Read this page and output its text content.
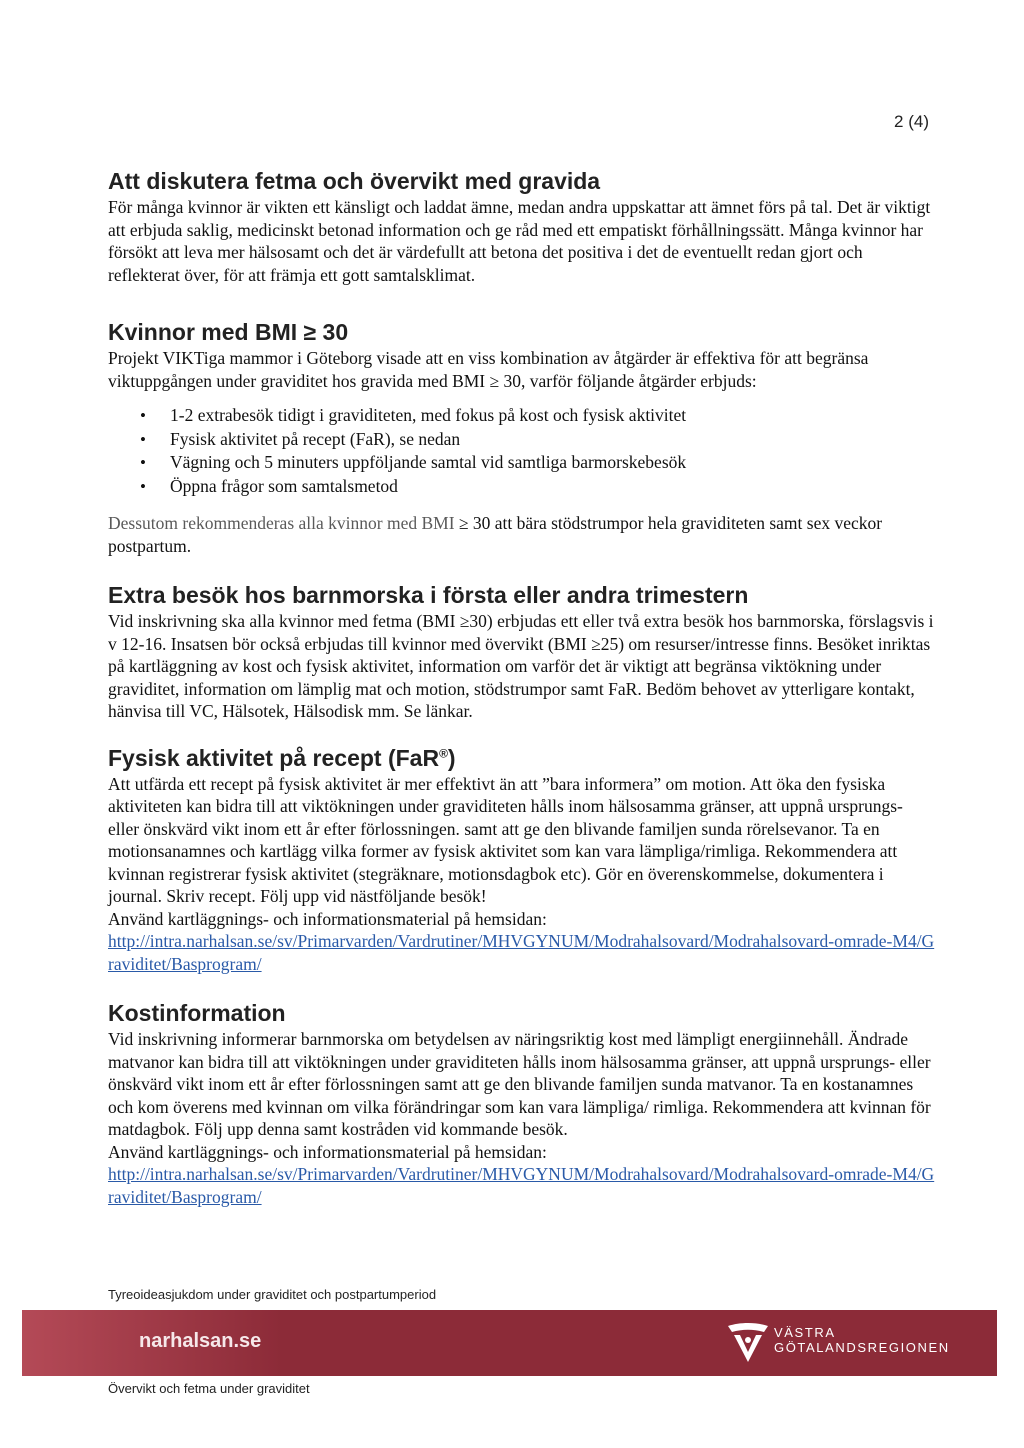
2 (4)
Att diskutera fetma och övervikt med gravida

För många kvinnor är vikten ett känsligt och laddat ämne, medan andra uppskattar att ämnet förs på tal. Det är viktigt att erbjuda saklig, medicinskt betonad information och ge råd med ett empatiskt förhållningssätt. Många kvinnor har försökt att leva mer hälsosamt och det är värdefullt att betona det positiva i det de eventuellt redan gjort och reflekterat över, för att främja ett gott samtalsklimat.

Kvinnor med BMI ≥ 30

Projekt VIKTiga mammor i Göteborg visade att en viss kombination av åtgärder är effektiva för att begränsa viktuppgången under graviditet hos gravida med BMI ≥ 30, varför följande åtgärder erbjuds:

• 1-2 extrabesök tidigt i graviditeten, med fokus på kost och fysisk aktivitet
• Fysisk aktivitet på recept (FaR), se nedan
• Vägning och 5 minuters uppföljande samtal vid samtliga barmorskebesök
• Öppna frågor som samtalsmetod

Dessutom rekommenderas alla kvinnor med BMI ≥ 30 att bära stödstrumpor hela graviditeten samt sex veckor postpartum.

Extra besök hos barnmorska i första eller andra trimestern

Vid inskrivning ska alla kvinnor med fetma (BMI ≥30) erbjudas ett eller två extra besök hos barnmorska, förslagsvis i v 12-16. Insatsen bör också erbjudas till kvinnor med övervikt (BMI ≥25) om resurser/intresse finns. Besöket inriktas på kartläggning av kost och fysisk aktivitet, information om varför det är viktigt att begränsa viktökning under graviditet, information om lämplig mat och motion, stödstrumpor samt FaR. Bedöm behovet av ytterligare kontakt, hänvisa till VC, Hälsotek, Hälsodisk mm. Se länkar.

Fysisk aktivitet på recept (FaR®)

Att utfärda ett recept på fysisk aktivitet är mer effektivt än att ”bara informera” om motion. Att öka den fysiska aktiviteten kan bidra till att viktökningen under graviditeten hålls inom hälsosamma gränser, att uppnå ursprungs- eller önskvärd vikt inom ett år efter förlossningen. samt att ge den blivande familjen sunda rörelsevanor. Ta en motionsanamnes och kartlägg vilka former av fysisk aktivitet som kan vara lämpliga/rimliga. Rekommendera att kvinnan registrerar fysisk aktivitet (stegräknare, motionsdagbok etc). Gör en överenskommelse, dokumentera i journal. Skriv recept. Följ upp vid nästföljande besök!

Använd kartläggnings- och informationsmaterial på hemsidan:

http://intra.narhalsan.se/sv/Primarvarden/Vardrutiner/MHVGYNUM/Modrahalsovard/Modrahalsovard-omrade-M4/Graviditet/Basprogram/

Kostinformation

Vid inskrivning informerar barnmorska om betydelsen av näringsriktig kost med lämpligt energiinnehåll. Ändrade matvanor kan bidra till att viktökningen under graviditeten hålls inom hälsosamma gränser, att uppnå ursprungs- eller önskvärd vikt inom ett år efter förlossningen samt att ge den blivande familjen sunda matvanor. Ta en kostanamnes och kom överens med kvinnan om vilka förändringar som kan vara lämpliga/ rimliga. Rekommendera att kvinnan för matdagbok. Följ upp denna samt kostråden vid kommande besök.

Använd kartläggnings- och informationsmaterial på hemsidan:

http://intra.narhalsan.se/sv/Primarvarden/Vardrutiner/MHVGYNUM/Modrahalsovard/Modrahalsovard-omrade-M4/Graviditet/Basprogram/

Tyreoideasjukdom under graviditet och postpartumperiod
narhalsan.se	VÄSTRA
GÖTALANDSREGIONEN
Övervikt och fetma under graviditet
